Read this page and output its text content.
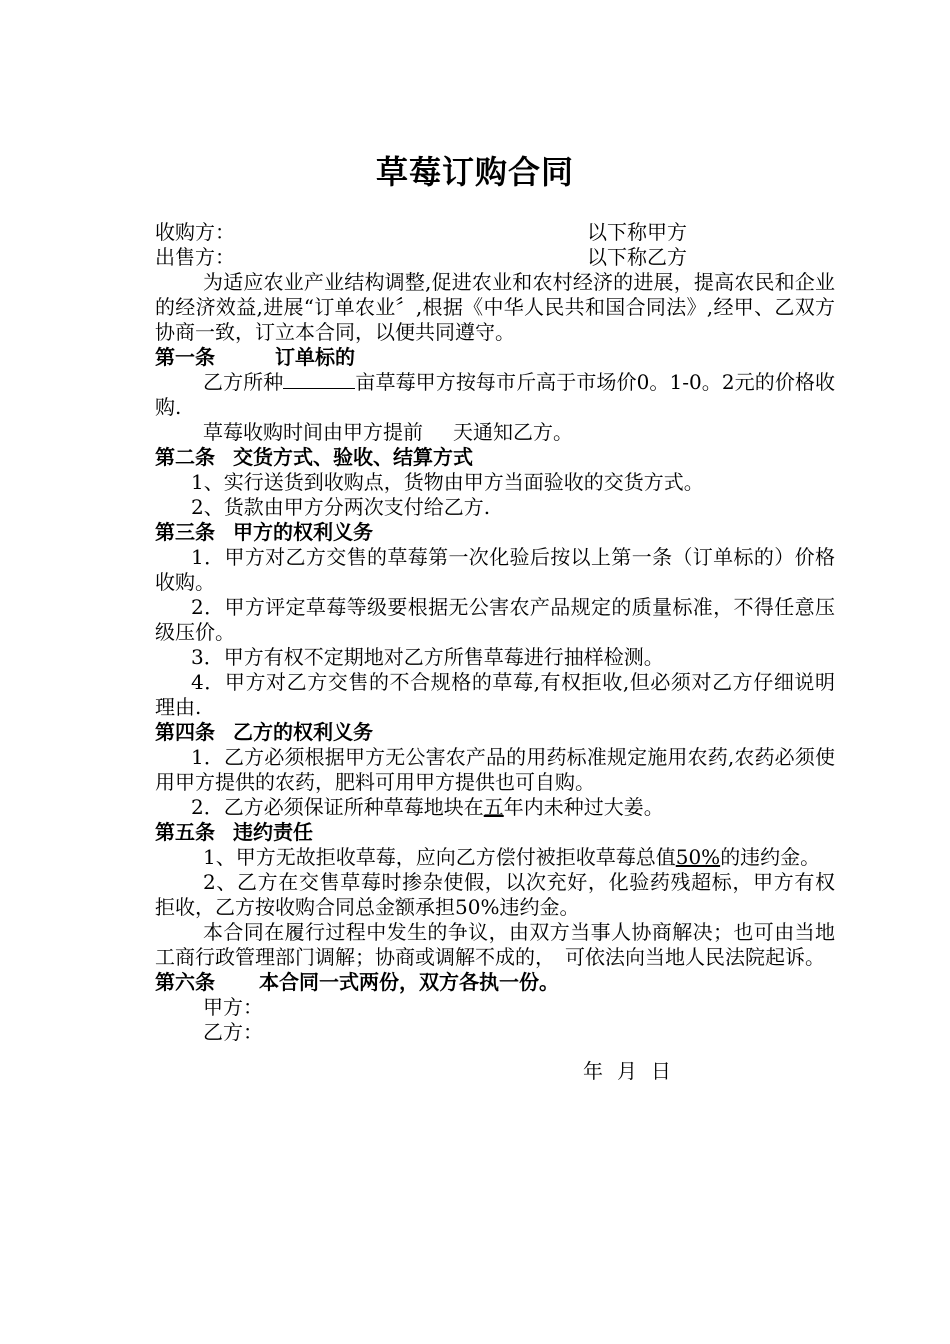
草莓订购合同
收购方：	以下称甲方
出售方：	以下称乙方

为适应农业产业结构调整,促进农业和农村经济的进展，提高农民和企业的经济效益,进展“订单农业〞,根据《中华人民共和国合同法》,经甲、乙双方协商一致，订立本合同，以便共同遵守。

第一条	订单标的

乙方所种	亩草莓甲方按每市斤高于市场价0。1-0。2元的价格收购.

草莓收购时间由甲方提前 天通知乙方。

第二条 交货方式、验收、结算方式

1、实行送货到收购点，货物由甲方当面验收的交货方式。

2、货款由甲方分两次支付给乙方.

第三条 甲方的权利义务

1．甲方对乙方交售的草莓第一次化验后按以上第一条（订单标的）价格收购。

2．甲方评定草莓等级要根据无公害农产品规定的质量标准，不得任意压级压价。

3．甲方有权不定期地对乙方所售草莓进行抽样检测。

4．甲方对乙方交售的不合规格的草莓,有权拒收,但必须对乙方仔细说明理由.

第四条 乙方的权利义务

1．乙方必须根据甲方无公害农产品的用药标准规定施用农药,农药必须使用甲方提供的农药，肥料可用甲方提供也可自购。

2．乙方必须保证所种草莓地块在五年内未种过大姜。

第五条 违约责任

1、甲方无故拒收草莓，应向乙方偿付被拒收草莓总值50%的违约金。

2、乙方在交售草莓时掺杂使假，以次充好，化验药残超标，甲方有权拒收，乙方按收购合同总金额承担50%违约金。

本合同在履行过程中发生的争议，由双方当事人协商解决；也可由当地工商行政管理部门调解；协商或调解不成的，　可依法向当地人民法院起诉。

第六条 本合同一式两份，双方各执一份。
甲方：
乙方：
年月日
